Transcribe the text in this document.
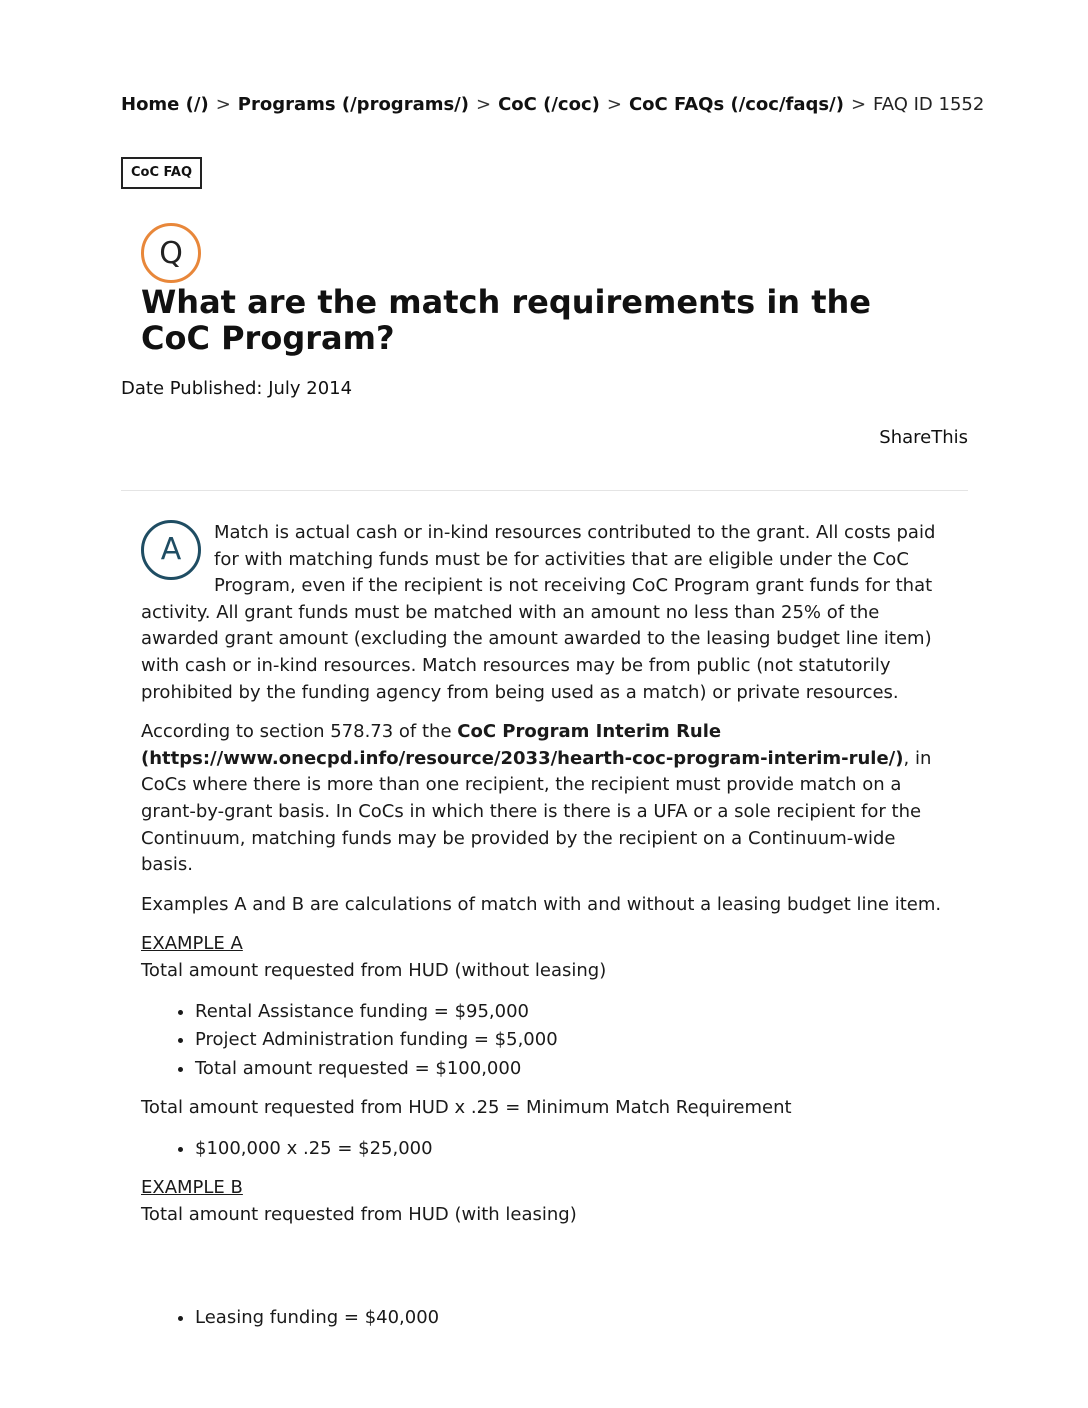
Home (/) > Programs (/programs/) > CoC (/coc) > CoC FAQs (/coc/faqs/) > FAQ ID 1552
CoC FAQ
Q
What are the match requirements in the CoC Program?
Date Published: July 2014
ShareThis
A	Match is actual cash or in-kind resources contributed to the grant. All costs paid for with matching funds must be for activities that are eligible under the CoC Program, even if the recipient is not receiving CoC Program grant funds for that activity. All grant funds must be matched with an amount no less than 25% of the awarded grant amount (excluding the amount awarded to the leasing budget line item) with cash or in-kind resources. Match resources may be from public (not statutorily prohibited by the funding agency from being used as a match) or private resources.

According to section 578.73 of the CoC Program Interim Rule (https://www.onecpd.info/resource/2033/hearth-coc-program-interim-rule/), in CoCs where there is more than one recipient, the recipient must provide match on a grant-by-grant basis. In CoCs in which there is there is a UFA or a sole recipient for the Continuum, matching funds may be provided by the recipient on a Continuum-wide basis.

Examples A and B are calculations of match with and without a leasing budget line item.

EXAMPLE A
Total amount requested from HUD (without leasing)
• Rental Assistance funding = $95,000
• Project Administration funding = $5,000
• Total amount requested = $100,000

Total amount requested from HUD x .25 = Minimum Match Requirement

• $100,000 x .25 = $25,000
EXAMPLE B
Total amount requested from HUD (with leasing)
• Leasing funding = $40,000
